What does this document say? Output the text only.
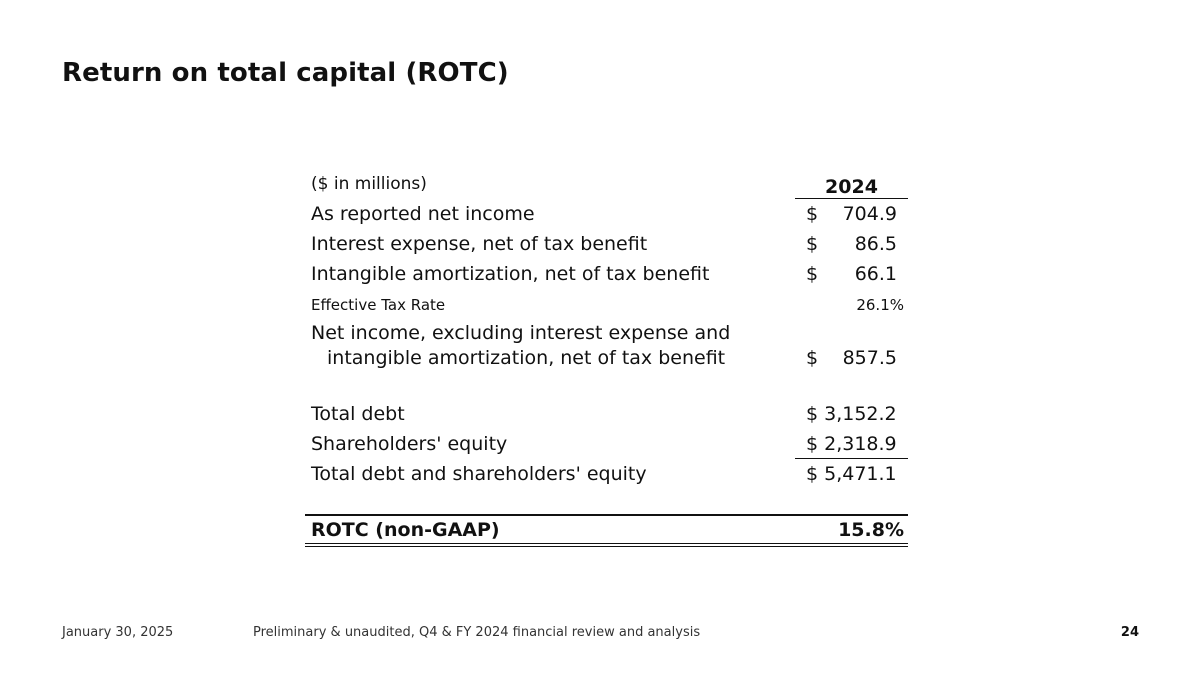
Return on total capital (ROTC)
($ in millions)	2024
As reported net income	$ 704.9
Interest expense, net of tax benefit	$ 86.5
Intangible amortization, net of tax benefit	$ 66.1
Effective Tax Rate	26.1%
Net income, excluding interest expense and
intangible amortization, net of tax benefit	$ 857.5
Total debt	$ 3,152.2
Shareholders' equity	$ 2,318.9
Total debt and shareholders' equity	$ 5,471.1
ROTC (non-GAAP)	15.8%
January 30, 2025	Preliminary & unaudited, Q4 & FY 2024 financial review and analysis	24
